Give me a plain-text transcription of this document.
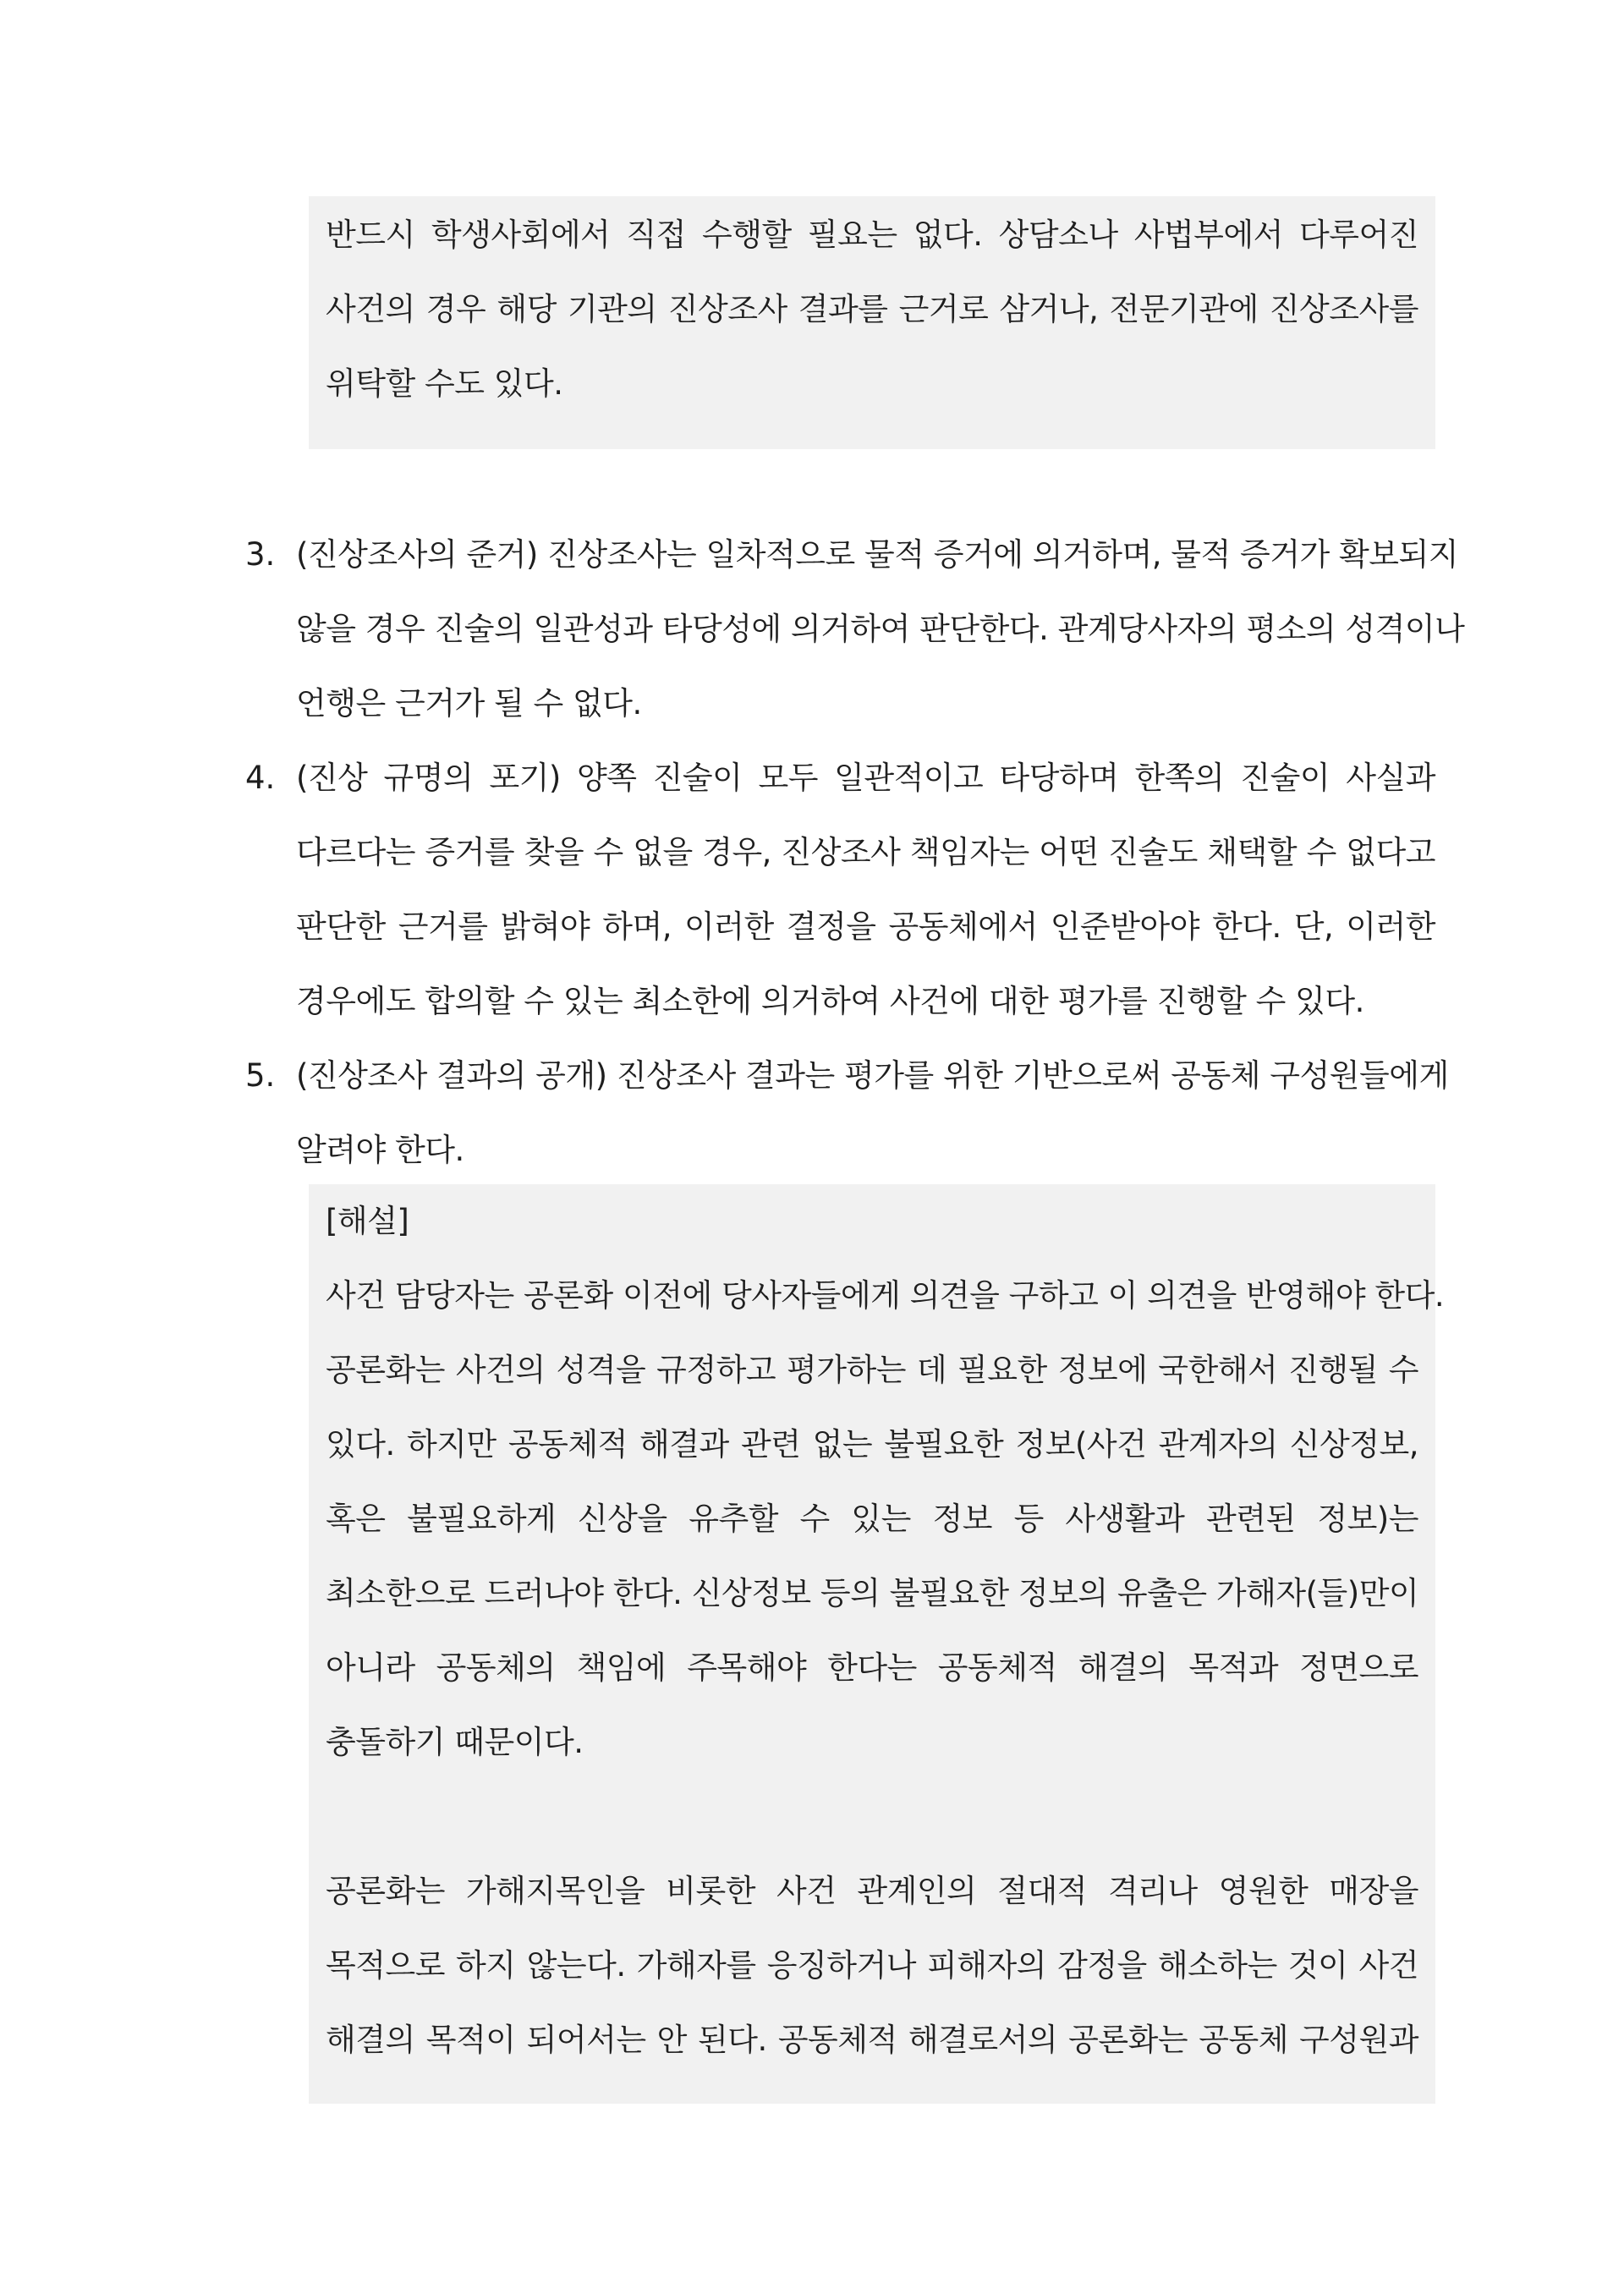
반드시 학생사회에서 직접 수행할 필요는 없다. 상담소나 사법부에서 다루어진
사건의 경우 해당 기관의 진상조사 결과를 근거로 삼거나, 전문기관에 진상조사를
위탁할 수도 있다.
3. (진상조사의 준거) 진상조사는 일차적으로 물적 증거에 의거하며, 물적 증거가 확보되지
않을 경우 진술의 일관성과 타당성에 의거하여 판단한다. 관계당사자의 평소의 성격이나
언행은 근거가 될 수 없다.
4. (진상 규명의 포기) 양쪽 진술이 모두 일관적이고 타당하며 한쪽의 진술이 사실과
다르다는 증거를 찾을 수 없을 경우, 진상조사 책임자는 어떤 진술도 채택할 수 없다고
판단한 근거를 밝혀야 하며, 이러한 결정을 공동체에서 인준받아야 한다. 단, 이러한
경우에도 합의할 수 있는 최소한에 의거하여 사건에 대한 평가를 진행할 수 있다.
5. (진상조사 결과의 공개) 진상조사 결과는 평가를 위한 기반으로써 공동체 구성원들에게
알려야 한다.
[해설]
사건 담당자는 공론화 이전에 당사자들에게 의견을 구하고 이 의견을 반영해야 한다.
공론화는 사건의 성격을 규정하고 평가하는 데 필요한 정보에 국한해서 진행될 수
있다. 하지만 공동체적 해결과 관련 없는 불필요한 정보(사건 관계자의 신상정보,
혹은 불필요하게 신상을 유추할 수 있는 정보 등 사생활과 관련된 정보)는
최소한으로 드러나야 한다. 신상정보 등의 불필요한 정보의 유출은 가해자(들)만이
아니라 공동체의 책임에 주목해야 한다는 공동체적 해결의 목적과 정면으로
충돌하기 때문이다.
공론화는 가해지목인을 비롯한 사건 관계인의 절대적 격리나 영원한 매장을
목적으로 하지 않는다. 가해자를 응징하거나 피해자의 감정을 해소하는 것이 사건
해결의 목적이 되어서는 안 된다. 공동체적 해결로서의 공론화는 공동체 구성원과
